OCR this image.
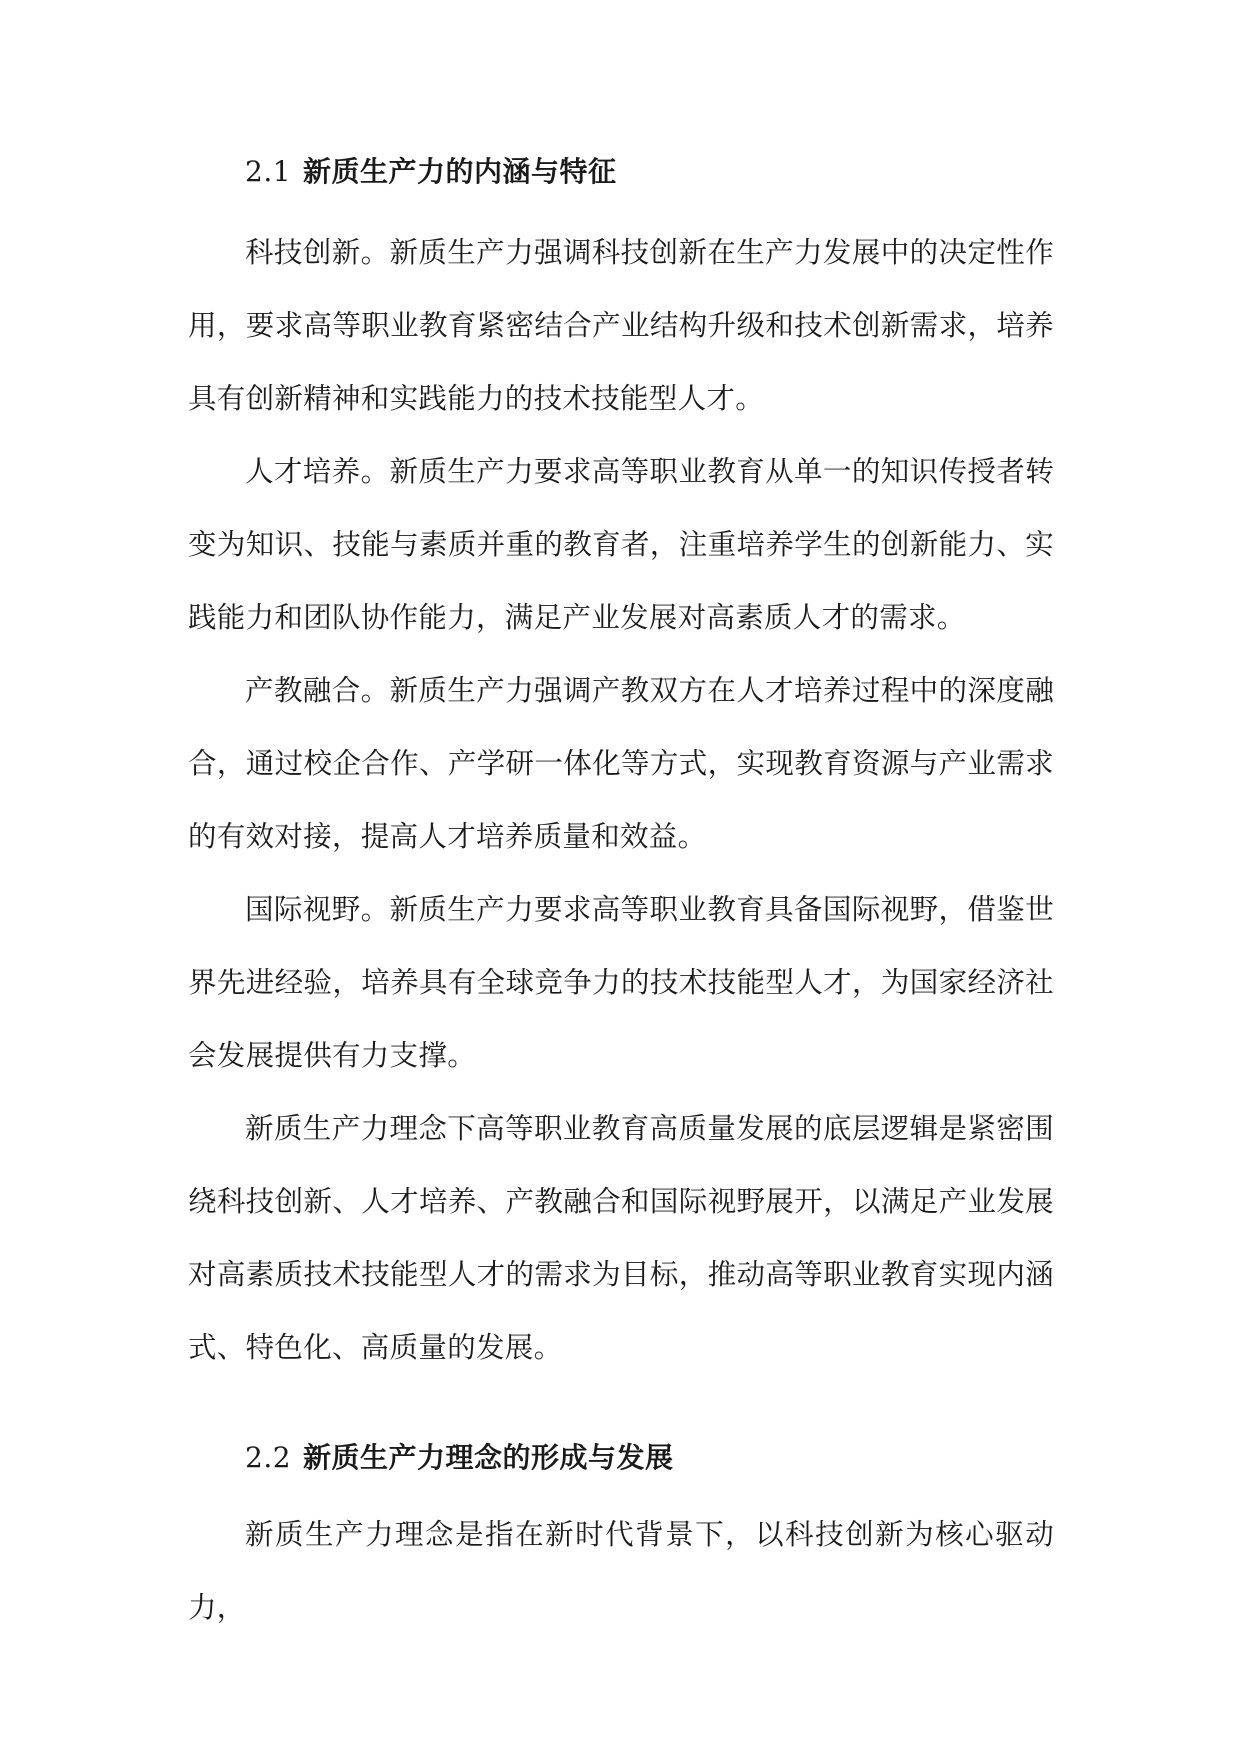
2.1 新质生产力的内涵与特征

科技创新。新质生产力强调科技创新在生产力发展中的决定性作用，要求高等职业教育紧密结合产业结构升级和技术创新需求，培养具有创新精神和实践能力的技术技能型人才。

人才培养。新质生产力要求高等职业教育从单一的知识传授者转变为知识、技能与素质并重的教育者，注重培养学生的创新能力、实践能力和团队协作能力，满足产业发展对高素质人才的需求。

产教融合。新质生产力强调产教双方在人才培养过程中的深度融合，通过校企合作、产学研一体化等方式，实现教育资源与产业需求的有效对接，提高人才培养质量和效益。

国际视野。新质生产力要求高等职业教育具备国际视野，借鉴世界先进经验，培养具有全球竞争力的技术技能型人才，为国家经济社会发展提供有力支撑。

新质生产力理念下高等职业教育高质量发展的底层逻辑是紧密围绕科技创新、人才培养、产教融合和国际视野展开，以满足产业发展对高素质技术技能型人才的需求为目标，推动高等职业教育实现内涵式、特色化、高质量的发展。

2.2 新质生产力理念的形成与发展

新质生产力理念是指在新时代背景下，以科技创新为核心驱动力，
